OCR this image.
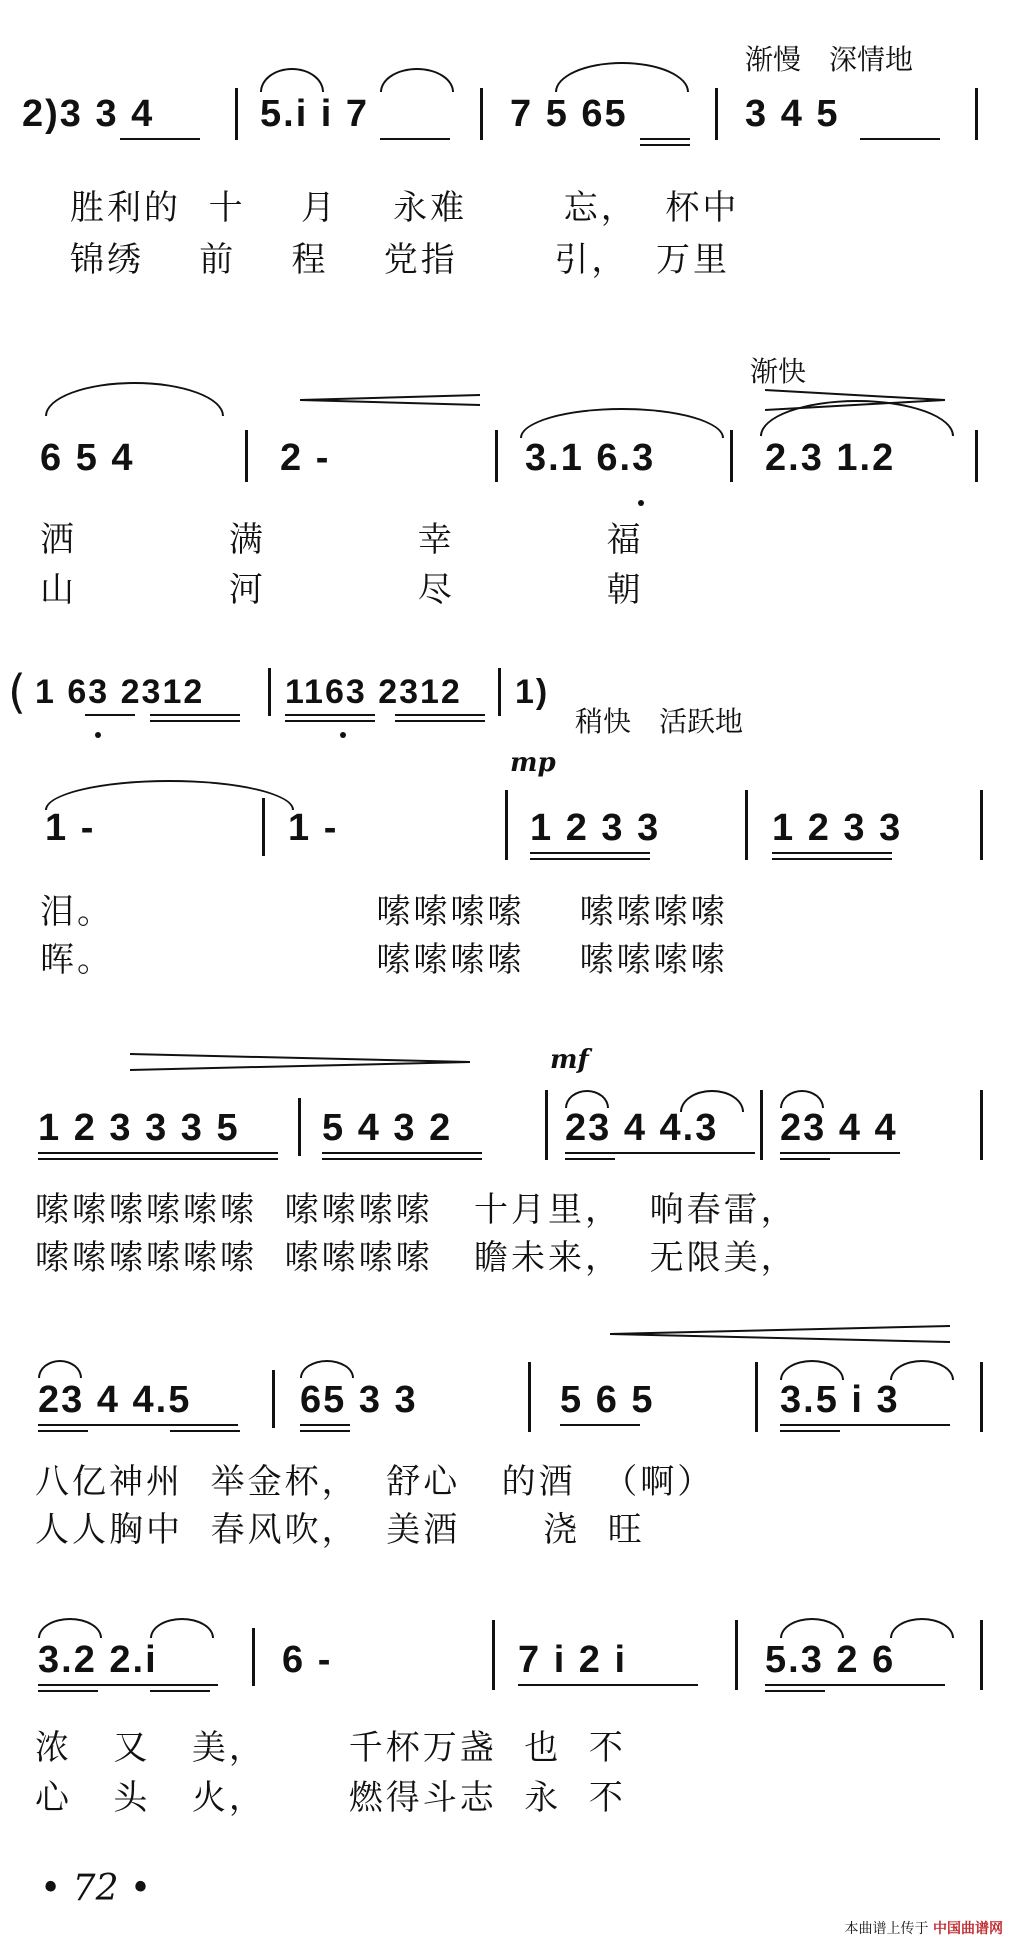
渐慢　深情地
2)3 3 4	5.i i 7	7 5 65	3 4 5
胜利的  十    月    永难       忘，  杯中
锦绣    前    程    党指       引，  万里
渐快
6 5 4	2 -	3.1 6.3	2.3 1.2
洒           满           幸           福
山           河           尽           朝
( 1 63 2312 1163 2312 1)
稍快　活跃地
mp
1 -	1 -	1 2 3 3	1 2 3 3
泪。                   嗦嗦嗦嗦    嗦嗦嗦嗦
晖。                   嗦嗦嗦嗦    嗦嗦嗦嗦
mf
1 2 3 3 3 5 5 4 3 2	23 4 4.3 23 4 4
嗦嗦嗦嗦嗦嗦  嗦嗦嗦嗦   十月里，  响春雷，
嗦嗦嗦嗦嗦嗦  嗦嗦嗦嗦   瞻未来，  无限美，
23 4 4.5	65 3 3	5 6 5	3.5 i 3
八亿神州  举金杯，  舒心   的酒  （啊）
人人胸中  春风吹，  美酒      浇  旺
3.2 2.i	6 -	7 i 2 i	5.3 2 6
浓   又   美，      千杯万盏  也  不
心   头   火，      燃得斗志  永  不
• 72 •
本曲谱上传于 中国曲谱网
